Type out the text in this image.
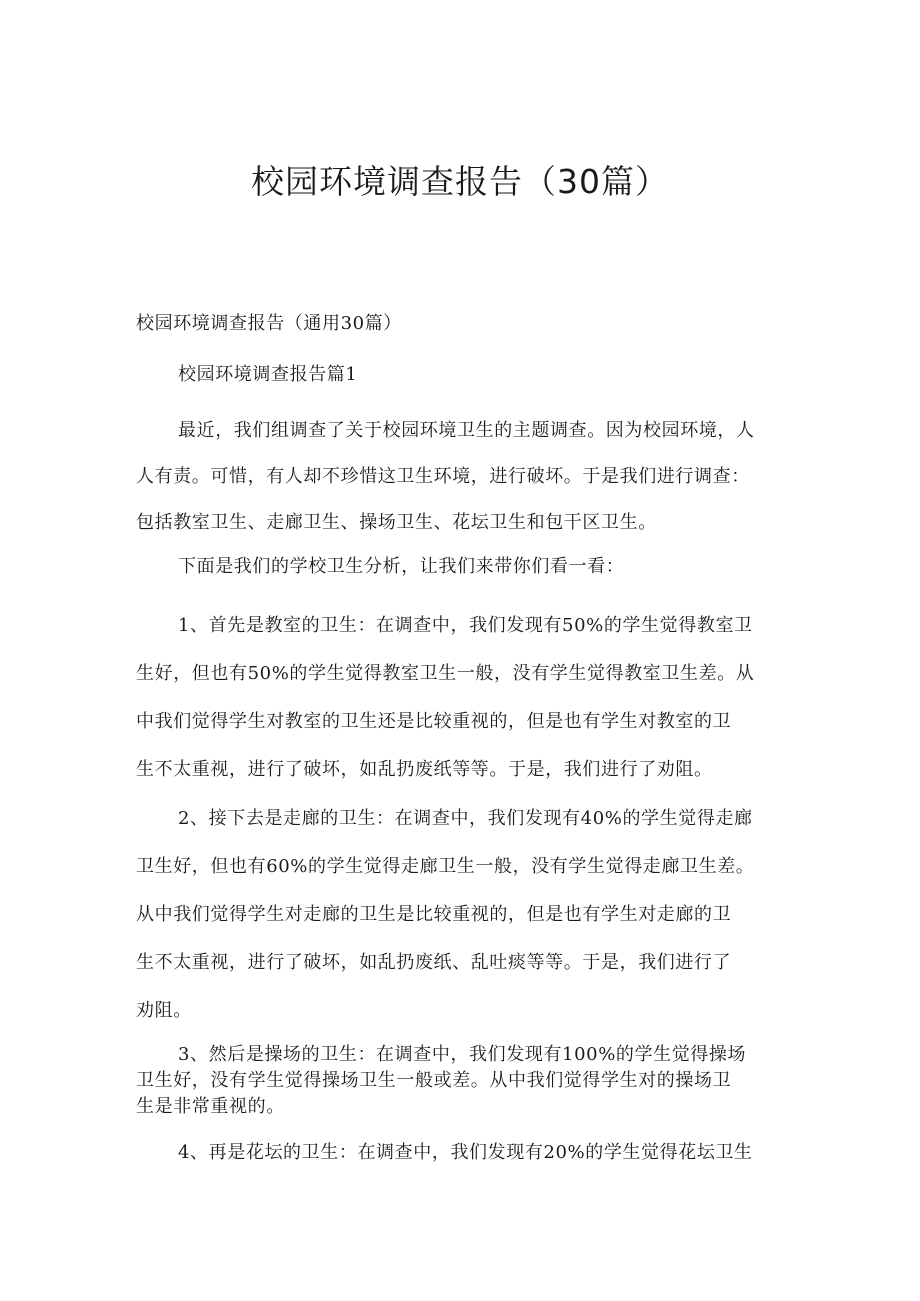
校园环境调查报告（30篇）
校园环境调查报告（通用30篇）
校园环境调查报告篇1
最近，我们组调查了关于校园环境卫生的主题调查。因为校园环境，人
人有责。可惜，有人却不珍惜这卫生环境，进行破坏。于是我们进行调查：
包括教室卫生、走廊卫生、操场卫生、花坛卫生和包干区卫生。
下面是我们的学校卫生分析，让我们来带你们看一看：
1、首先是教室的卫生：在调查中，我们发现有50%的学生觉得教室卫
生好，但也有50%的学生觉得教室卫生一般，没有学生觉得教室卫生差。从
中我们觉得学生对教室的卫生还是比较重视的，但是也有学生对教室的卫
生不太重视，进行了破坏，如乱扔废纸等等。于是，我们进行了劝阻。
2、接下去是走廊的卫生：在调查中，我们发现有40%的学生觉得走廊
卫生好，但也有60%的学生觉得走廊卫生一般，没有学生觉得走廊卫生差。
从中我们觉得学生对走廊的卫生是比较重视的，但是也有学生对走廊的卫
生不太重视，进行了破坏，如乱扔废纸、乱吐痰等等。于是，我们进行了
劝阻。
3、然后是操场的卫生：在调查中，我们发现有100%的学生觉得操场
卫生好，没有学生觉得操场卫生一般或差。从中我们觉得学生对的操场卫
生是非常重视的。
4、再是花坛的卫生：在调查中，我们发现有20%的学生觉得花坛卫生
